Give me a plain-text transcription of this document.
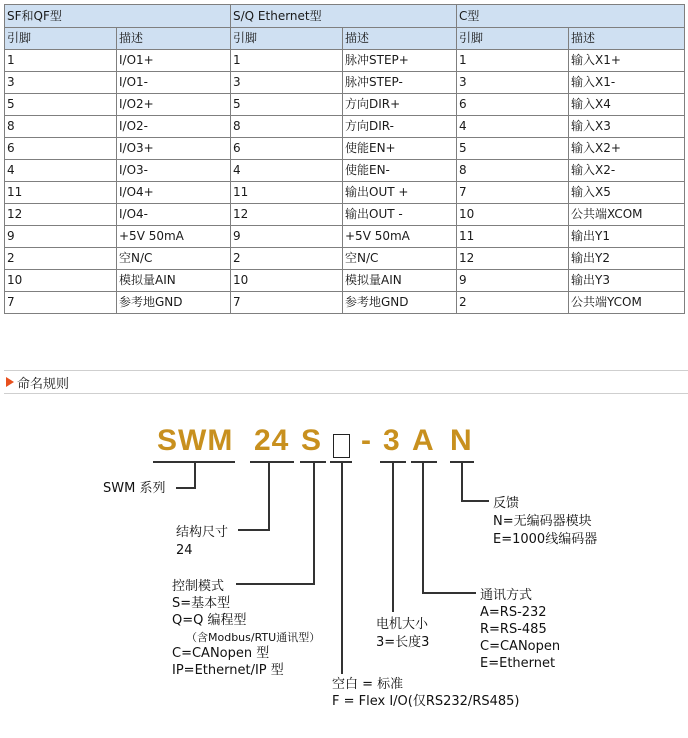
SF和QF型		S/Q Ethernet型		C型	
引脚	描述	引脚	描述	引脚	描述
1	I/O1+	1	脉冲STEP+	1	输入X1+
3	I/O1-	3	脉冲STEP-	3	输入X1-
5	I/O2+	5	方向DIR+	6	输入X4
8	I/O2-	8	方向DIR-	4	输入X3
6	I/O3+	6	使能EN+	5	输入X2+
4	I/O3-	4	使能EN-	8	输入X2-
11	I/O4+	11	输出OUT +	7	输入X5
12	I/O4-	12	输出OUT -	10	公共端XCOM
9	+5V 50mA	9	+5V 50mA	11	输出Y1
2	空N/C	2	空N/C	12	输出Y2
10	模拟量AIN	10	模拟量AIN	9	输出Y3
7	参考地GND	7	参考地GND	2	公共端YCOM
命名规则
SWM 24 S - 3 A N
SWM 系列
结构尺寸
24
控制模式
S=基本型
Q=Q 编程型
（含Modbus/RTU通讯型）
C=CANopen 型
IP=Ethernet/IP 型
空白 = 标准
F = Flex I/O(仅RS232/RS485)
电机大小
3=长度3
通讯方式
A=RS-232
R=RS-485
C=CANopen
E=Ethernet
反馈
N=无编码器模块
E=1000线编码器
